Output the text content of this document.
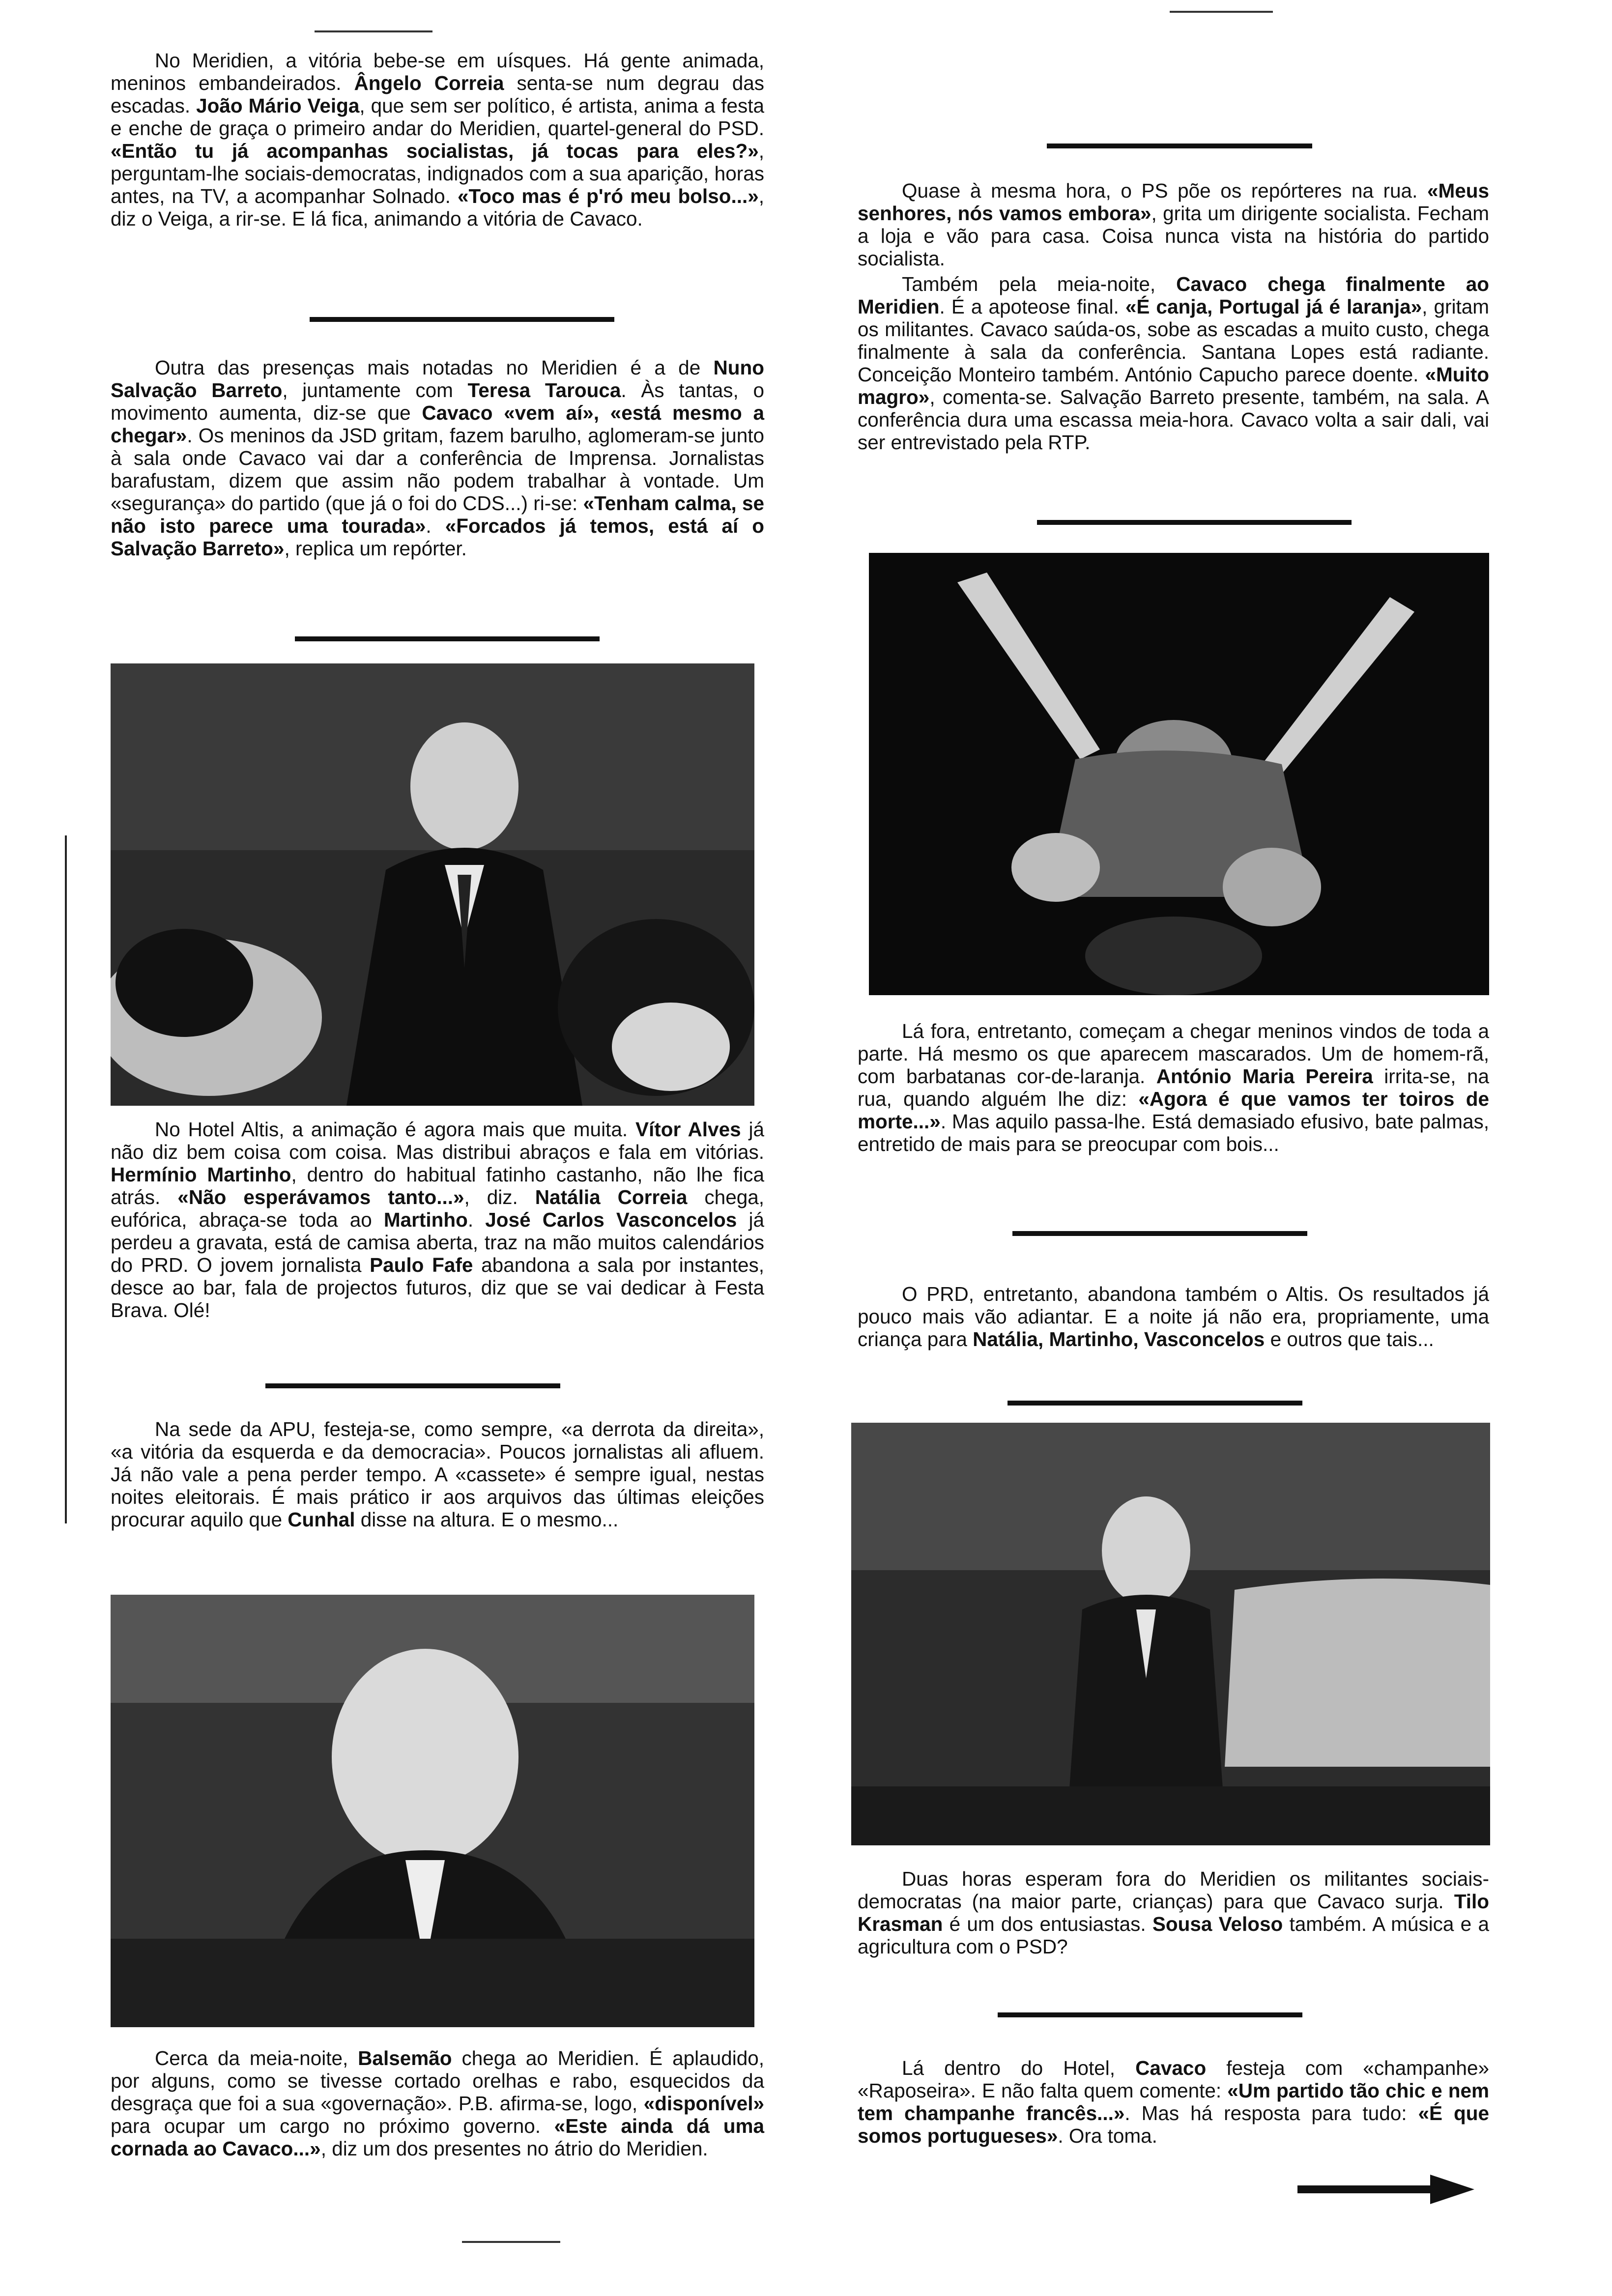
No Meridien, a vitória bebe-se em uísques. Há gente animada, meninos embandeirados. Ângelo Correia senta-se num degrau das escadas. João Mário Veiga, que sem ser político, é artista, anima a festa e enche de graça o primeiro andar do Meridien, quartel-general do PSD. «Então tu já acompanhas socialistas, já tocas para eles?», perguntam-lhe sociais-democratas, indignados com a sua aparição, horas antes, na TV, a acompanhar Solnado. «Toco mas é p'ró meu bolso...», diz o Veiga, a rir-se. E lá fica, animando a vitória de Cavaco.

Outra das presenças mais notadas no Meridien é a de Nuno Salvação Barreto, juntamente com Teresa Tarouca. Às tantas, o movimento aumenta, diz-se que Cavaco «vem aí», «está mesmo a chegar». Os meninos da JSD gritam, fazem barulho, aglomeram-se junto à sala onde Cavaco vai dar a conferência de Imprensa. Jornalistas barafustam, dizem que assim não podem trabalhar à vontade. Um «segurança» do partido (que já o foi do CDS...) ri-se: «Tenham calma, se não isto parece uma tourada». «Forcados já temos, está aí o Salvação Barreto», replica um repórter.

No Hotel Altis, a animação é agora mais que muita. Vítor Alves já não diz bem coisa com coisa. Mas distribui abraços e fala em vitórias. Hermínio Martinho, dentro do habitual fatinho castanho, não lhe fica atrás. «Não esperávamos tanto...», diz. Natália Correia chega, eufórica, abraça-se toda ao Martinho. José Carlos Vasconcelos já perdeu a gravata, está de camisa aberta, traz na mão muitos calendários do PRD. O jovem jornalista Paulo Fafe abandona a sala por instantes, desce ao bar, fala de projectos futuros, diz que se vai dedicar à Festa Brava. Olé!

Na sede da APU, festeja-se, como sempre, «a derrota da direita», «a vitória da esquerda e da democracia». Poucos jornalistas ali afluem. Já não vale a pena perder tempo. A «cassete» é sempre igual, nestas noites eleitorais. É mais prático ir aos arquivos das últimas eleições procurar aquilo que Cunhal disse na altura. E o mesmo...

Cerca da meia-noite, Balsemão chega ao Meridien. É aplaudido, por alguns, como se tivesse cortado orelhas e rabo, esquecidos da desgraça que foi a sua «governação». P.B. afirma-se, logo, «disponível» para ocupar um cargo no próximo governo. «Este ainda dá uma cornada ao Cavaco...», diz um dos presentes no átrio do Meridien.

Quase à mesma hora, o PS põe os repórteres na rua. «Meus senhores, nós vamos embora», grita um dirigente socialista. Fecham a loja e vão para casa. Coisa nunca vista na história do partido socialista.

Também pela meia-noite, Cavaco chega finalmente ao Meridien. É a apoteose final. «É canja, Portugal já é laranja», gritam os militantes. Cavaco saúda-os, sobe as escadas a muito custo, chega finalmente à sala da conferência. Santana Lopes está radiante. Conceição Monteiro também. António Capucho parece doente. «Muito magro», comenta-se. Salvação Barreto presente, também, na sala. A conferência dura uma escassa meia-hora. Cavaco volta a sair dali, vai ser entrevistado pela RTP.

Lá fora, entretanto, começam a chegar meninos vindos de toda a parte. Há mesmo os que aparecem mascarados. Um de homem-rã, com barbatanas cor-de-laranja. António Maria Pereira irrita-se, na rua, quando alguém lhe diz: «Agora é que vamos ter toiros de morte...». Mas aquilo passa-lhe. Está demasiado efusivo, bate palmas, entretido de mais para se preocupar com bois...

O PRD, entretanto, abandona também o Altis. Os resultados já pouco mais vão adiantar. E a noite já não era, propriamente, uma criança para Natália, Martinho, Vasconcelos e outros que tais...

Duas horas esperam fora do Meridien os militantes sociais-democratas (na maior parte, crianças) para que Cavaco surja. Tilo Krasman é um dos entusiastas. Sousa Veloso também. A música e a agricultura com o PSD?

Lá dentro do Hotel, Cavaco festeja com «champanhe» «Raposeira». E não falta quem comente: «Um partido tão chic e nem tem champanhe francês...». Mas há resposta para tudo: «É que somos portugueses». Ora toma.
